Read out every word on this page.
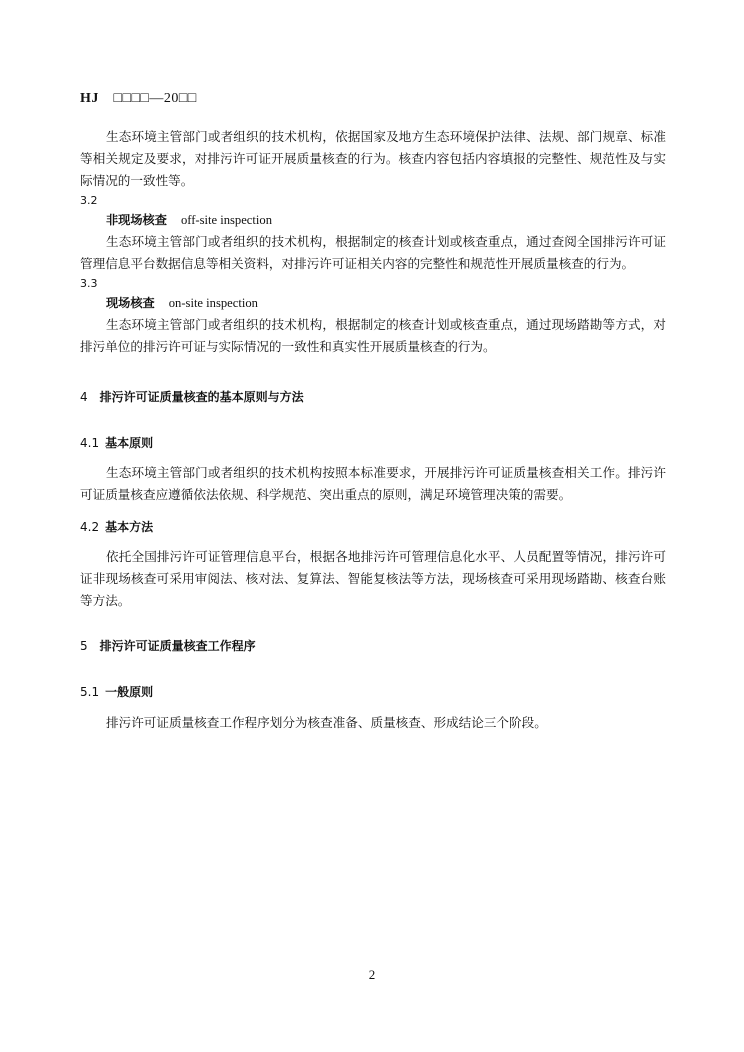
HJ □□□□—20□□

生态环境主管部门或者组织的技术机构，依据国家及地方生态环境保护法律、法规、部门规章、标准等相关规定及要求，对排污许可证开展质量核查的行为。核查内容包括内容填报的完整性、规范性及与实际情况的一致性等。

3.2

非现场核查 off-site inspection

生态环境主管部门或者组织的技术机构，根据制定的核查计划或核查重点，通过查阅全国排污许可证管理信息平台数据信息等相关资料，对排污许可证相关内容的完整性和规范性开展质量核查的行为。

3.3

现场核查 on-site inspection

生态环境主管部门或者组织的技术机构，根据制定的核查计划或核查重点，通过现场踏勘等方式，对排污单位的排污许可证与实际情况的一致性和真实性开展质量核查的行为。

4 排污许可证质量核查的基本原则与方法
4.1 基本原则

生态环境主管部门或者组织的技术机构按照本标准要求，开展排污许可证质量核查相关工作。排污许可证质量核查应遵循依法依规、科学规范、突出重点的原则，满足环境管理决策的需要。

4.2 基本方法

依托全国排污许可证管理信息平台，根据各地排污许可管理信息化水平、人员配置等情况，排污许可证非现场核查可采用审阅法、核对法、复算法、智能复核法等方法，现场核查可采用现场踏勘、核查台账等方法。

5 排污许可证质量核查工作程序
5.1 一般原则

排污许可证质量核查工作程序划分为核查准备、质量核查、形成结论三个阶段。

2
